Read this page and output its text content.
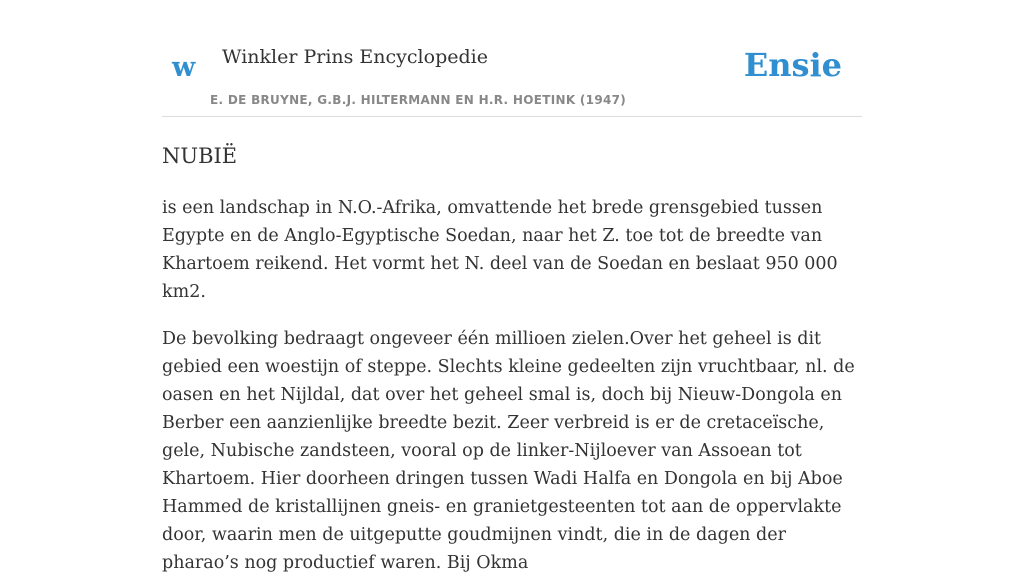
w Winkler Prins Encyclopedie
E. DE BRUYNE, G.B.J. HILTERMANN EN H.R. HOETINK (1947)
Ensie
NUBIË

is een landschap in N.O.-Afrika, omvattende het brede grensgebied tussen Egypte en de Anglo-Egyptische Soedan, naar het Z. toe tot de breedte van Khartoem reikend. Het vormt het N. deel van de Soedan en beslaat 950 000 km2.

De bevolking bedraagt ongeveer één millioen zielen.Over het geheel is dit gebied een woestijn of steppe. Slechts kleine gedeelten zijn vruchtbaar, nl. de oasen en het Nijldal, dat over het geheel smal is, doch bij Nieuw-Dongola en Berber een aanzienlijke breedte bezit. Zeer verbreid is er de cretaceïsche, gele, Nubische zandsteen, vooral op de linker-Nijloever van Assoean tot Khartoem. Hier doorheen dringen tussen Wadi Halfa en Dongola en bij Aboe Hammed de kristallijnen gneis- en granietgesteenten tot aan de oppervlakte door, waarin men de uitgeputte goudmijnen vindt, die in de dagen der pharao’s nog productief waren. Bij Okma
